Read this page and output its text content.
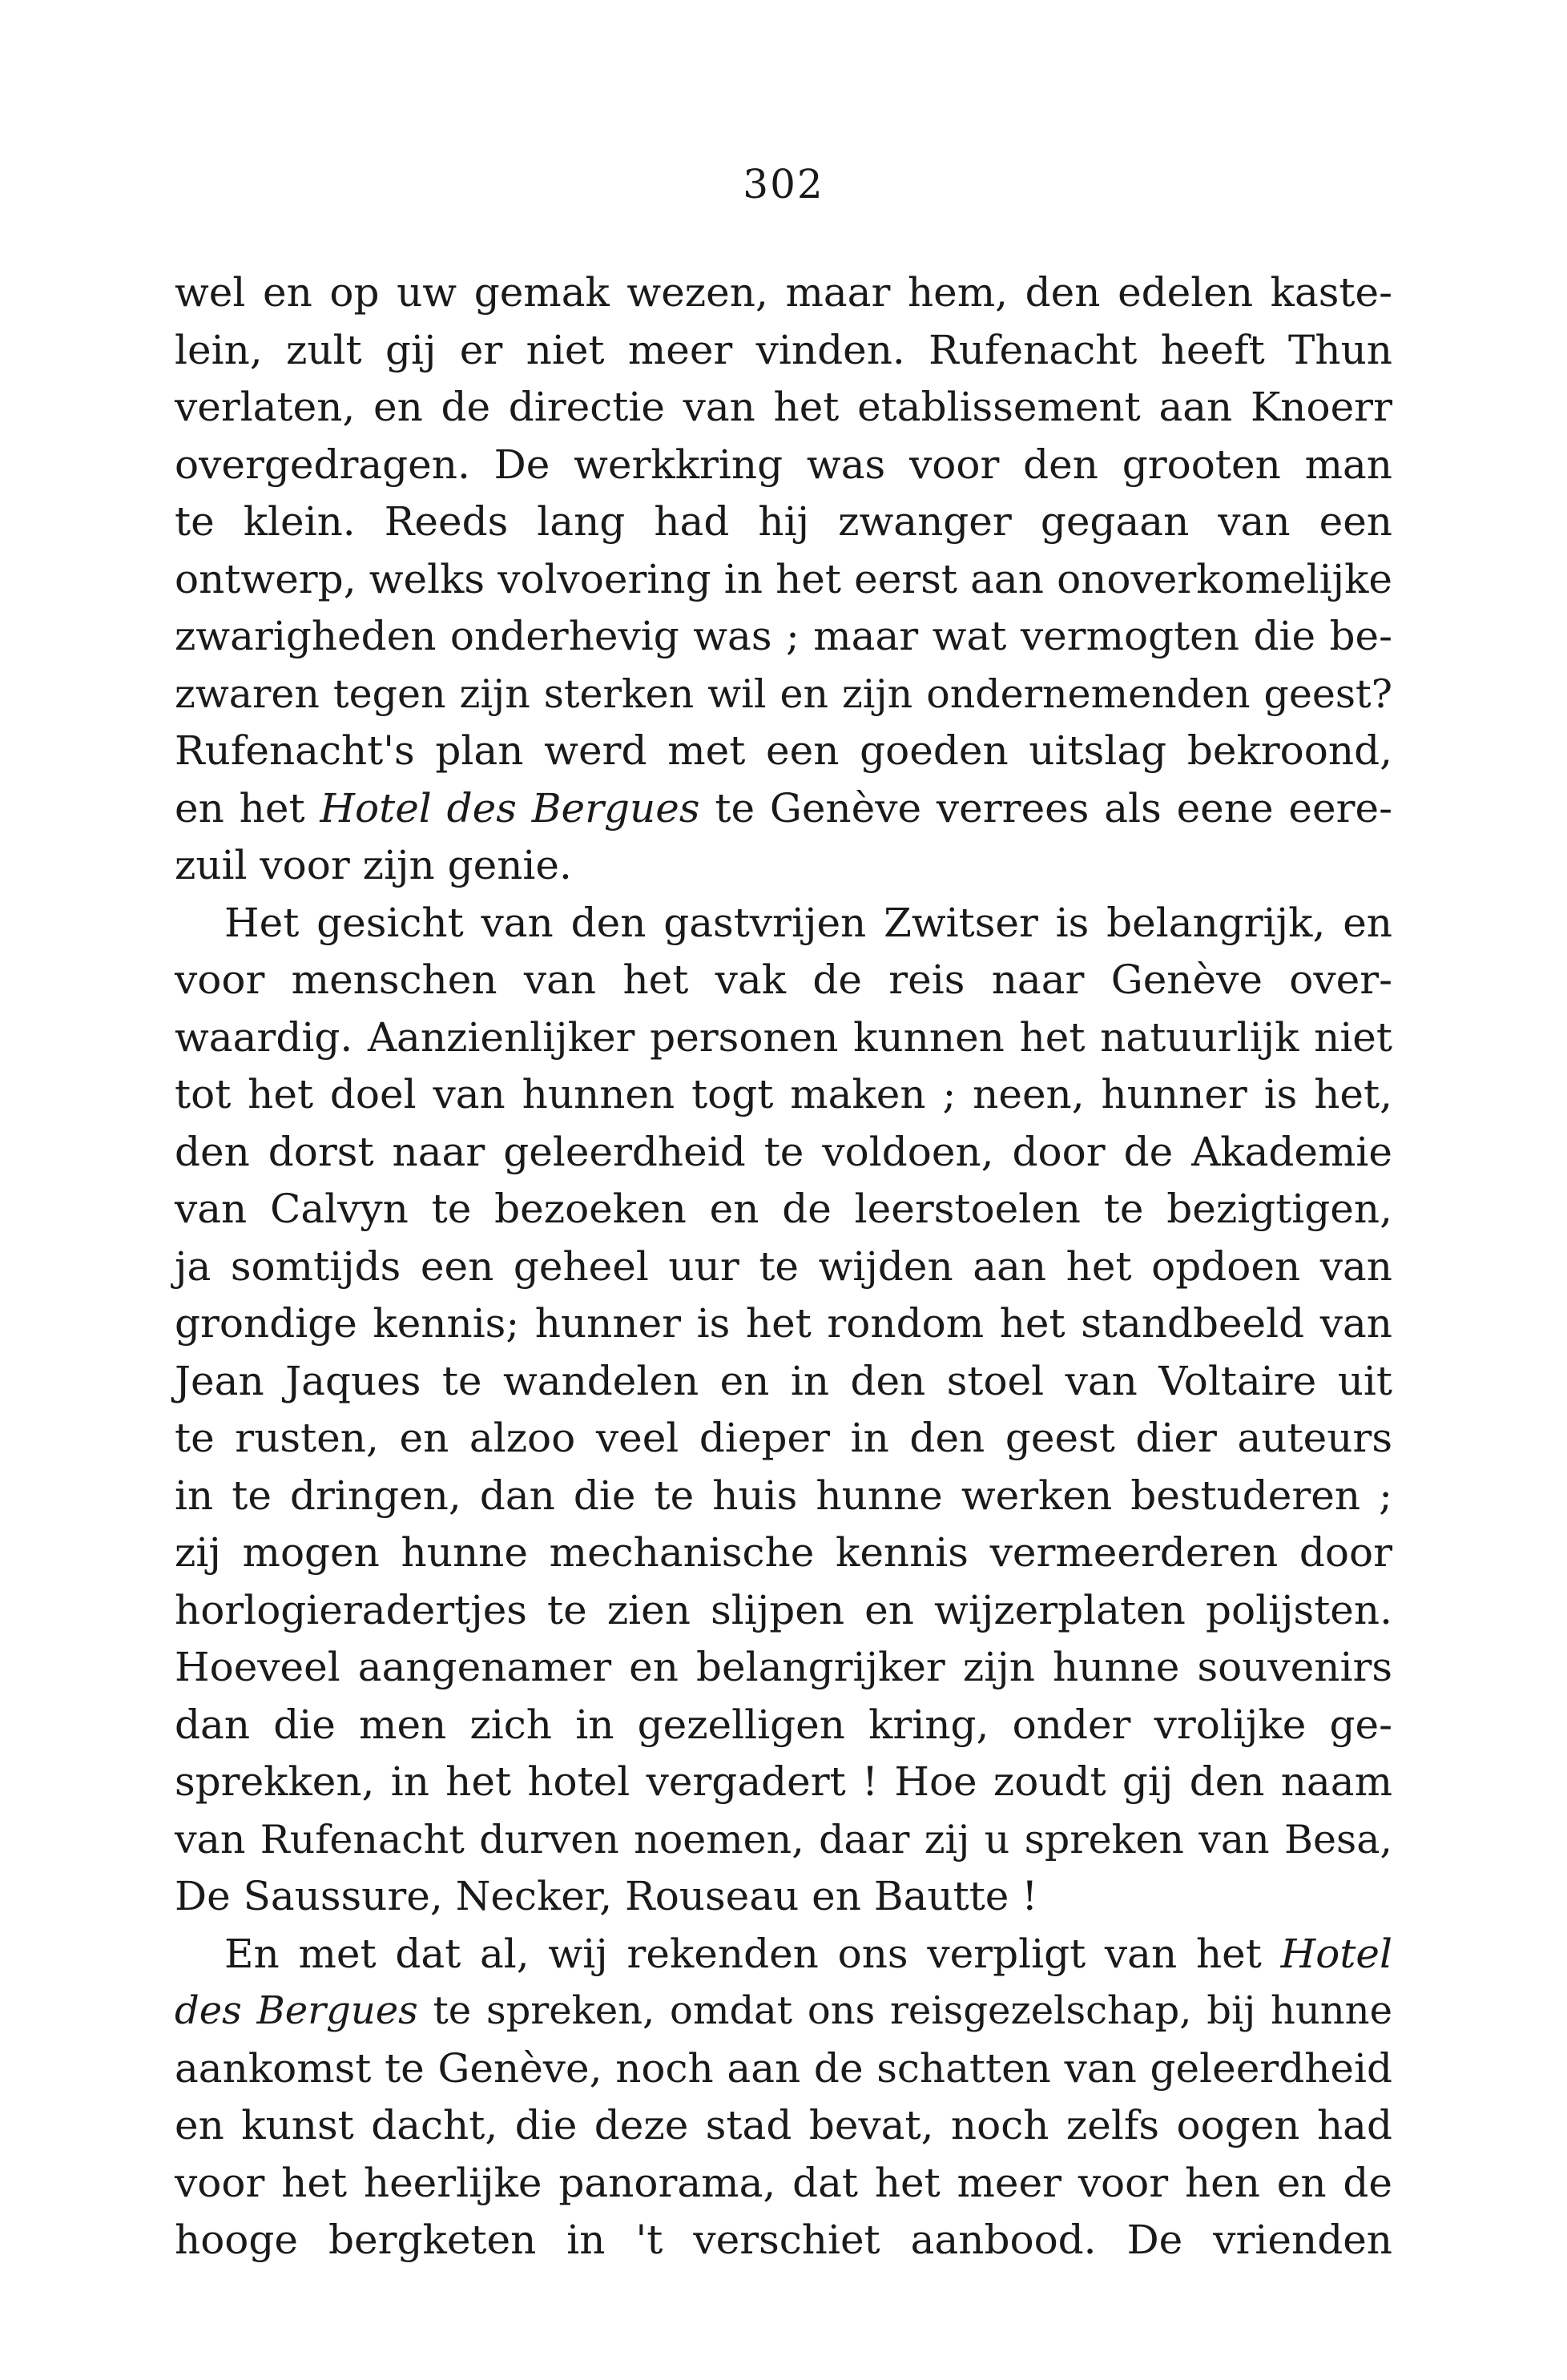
302
wel en op uw gemak wezen, maar hem, den edelen kaste-
lein, zult gij er niet meer vinden. Rufenacht heeft Thun
verlaten, en de directie van het etablissement aan Knoerr
overgedragen. De werkkring was voor den grooten man
te klein. Reeds lang had hij zwanger gegaan van een
ontwerp, welks volvoering in het eerst aan onoverkomelijke
zwarigheden onderhevig was ; maar wat vermogten die be-
zwaren tegen zijn sterken wil en zijn ondernemenden geest?
Rufenacht's plan werd met een goeden uitslag bekroond,
en het Hotel des Bergues te Genève verrees als eene eere-
zuil voor zijn genie.
Het gesicht van den gastvrijen Zwitser is belangrijk, en
voor menschen van het vak de reis naar Genève over-
waardig. Aanzienlijker personen kunnen het natuurlijk niet
tot het doel van hunnen togt maken ; neen, hunner is het,
den dorst naar geleerdheid te voldoen, door de Akademie
van Calvyn te bezoeken en de leerstoelen te bezigtigen,
ja somtijds een geheel uur te wijden aan het opdoen van
grondige kennis; hunner is het rondom het standbeeld van
Jean Jaques te wandelen en in den stoel van Voltaire uit
te rusten, en alzoo veel dieper in den geest dier auteurs
in te dringen, dan die te huis hunne werken bestuderen ;
zij mogen hunne mechanische kennis vermeerderen door
horlogieradertjes te zien slijpen en wijzerplaten polijsten.
Hoeveel aangenamer en belangrijker zijn hunne souvenirs
dan die men zich in gezelligen kring, onder vrolijke ge-
sprekken, in het hotel vergadert ! Hoe zoudt gij den naam
van Rufenacht durven noemen, daar zij u spreken van Besa,
De Saussure, Necker, Rouseau en Bautte !
En met dat al, wij rekenden ons verpligt van het Hotel
des Bergues te spreken, omdat ons reisgezelschap, bij hunne
aankomst te Genève, noch aan de schatten van geleerdheid
en kunst dacht, die deze stad bevat, noch zelfs oogen had
voor het heerlijke panorama, dat het meer voor hen en de
hooge bergketen in 't verschiet aanbood. De vrienden
